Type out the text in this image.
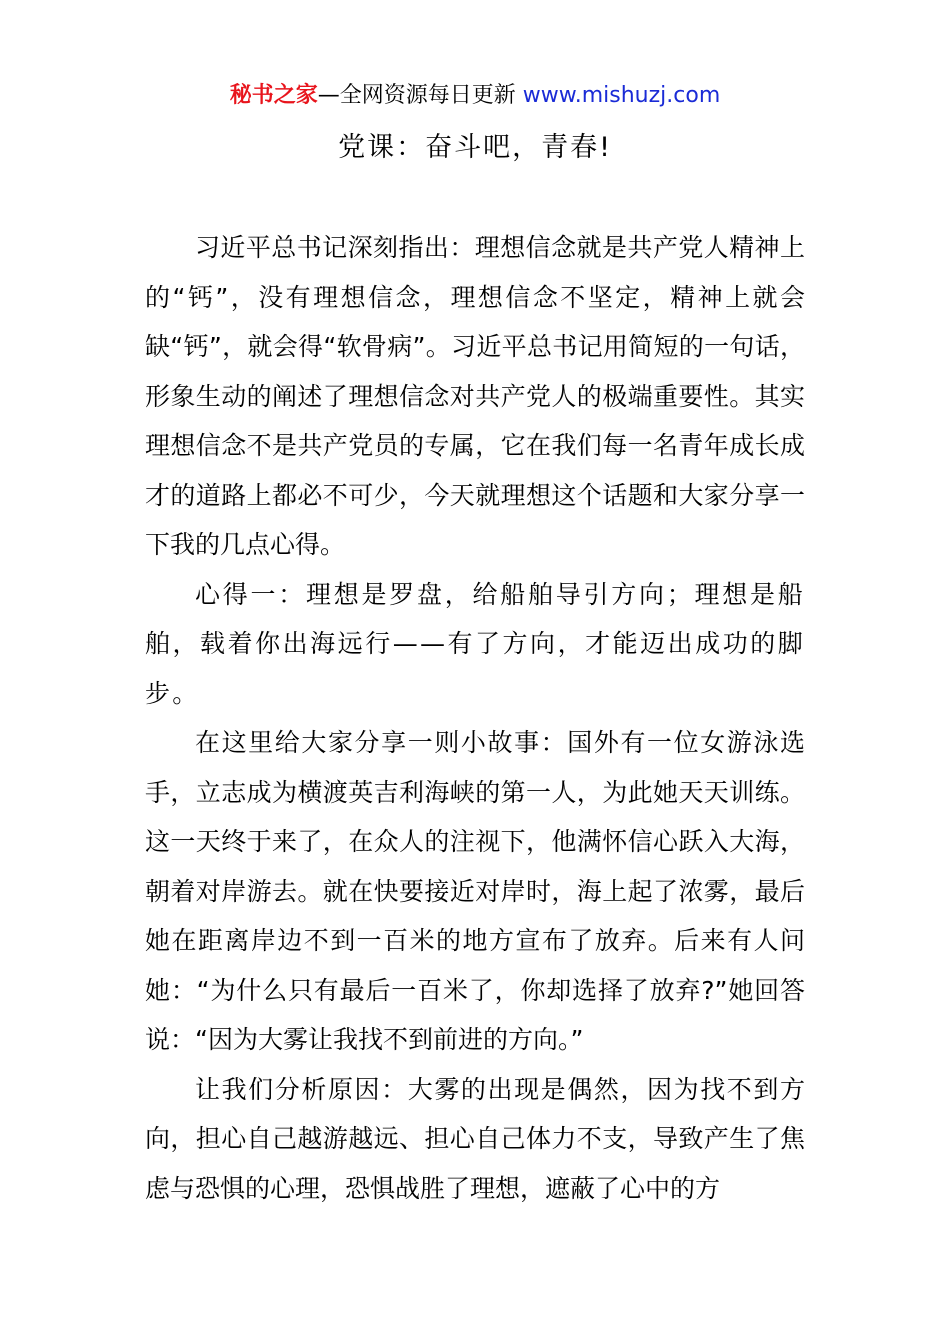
秘书之家—全网资源每日更新 www.mishuzj.com
党课：奋斗吧，青春!

习近平总书记深刻指出：理想信念就是共产党人精神上的“钙”，没有理想信念，理想信念不坚定，精神上就会缺“钙”，就会得“软骨病”。习近平总书记用简短的一句话，形象生动的阐述了理想信念对共产党人的极端重要性。其实理想信念不是共产党员的专属，它在我们每一名青年成长成才的道路上都必不可少，今天就理想这个话题和大家分享一下我的几点心得。

心得一：理想是罗盘，给船舶导引方向；理想是船舶，载着你出海远行——有了方向，才能迈出成功的脚步。

在这里给大家分享一则小故事：国外有一位女游泳选手，立志成为横渡英吉利海峡的第一人，为此她天天训练。这一天终于来了，在众人的注视下，他满怀信心跃入大海，朝着对岸游去。就在快要接近对岸时，海上起了浓雾，最后她在距离岸边不到一百米的地方宣布了放弃。后来有人问她：“为什么只有最后一百米了，你却选择了放弃?”她回答说：“因为大雾让我找不到前进的方向。”

让我们分析原因：大雾的出现是偶然，因为找不到方向，担心自己越游越远、担心自己体力不支，导致产生了焦虑与恐惧的心理，恐惧战胜了理想，遮蔽了心中的方
